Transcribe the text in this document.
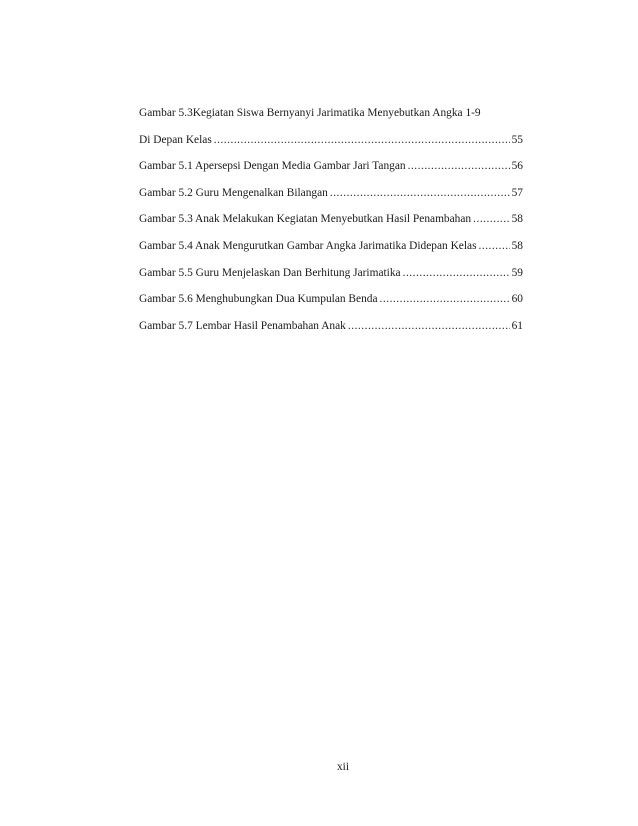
Gambar 5.3Kegiatan Siswa Bernyanyi Jarimatika Menyebutkan Angka 1-9
Di Depan Kelas .....	55
Gambar 5.1 Apersepsi Dengan Media Gambar Jari Tangan .....	56
Gambar 5.2 Guru Mengenalkan Bilangan .....	57
Gambar 5.3 Anak Melakukan Kegiatan Menyebutkan Hasil Penambahan .....	58
Gambar 5.4 Anak Mengurutkan Gambar Angka Jarimatika Didepan Kelas .....	58
Gambar 5.5 Guru Menjelaskan Dan Berhitung Jarimatika .....	59
Gambar 5.6 Menghubungkan Dua Kumpulan Benda .....	60
Gambar 5.7 Lembar Hasil Penambahan Anak .....	61
xii
